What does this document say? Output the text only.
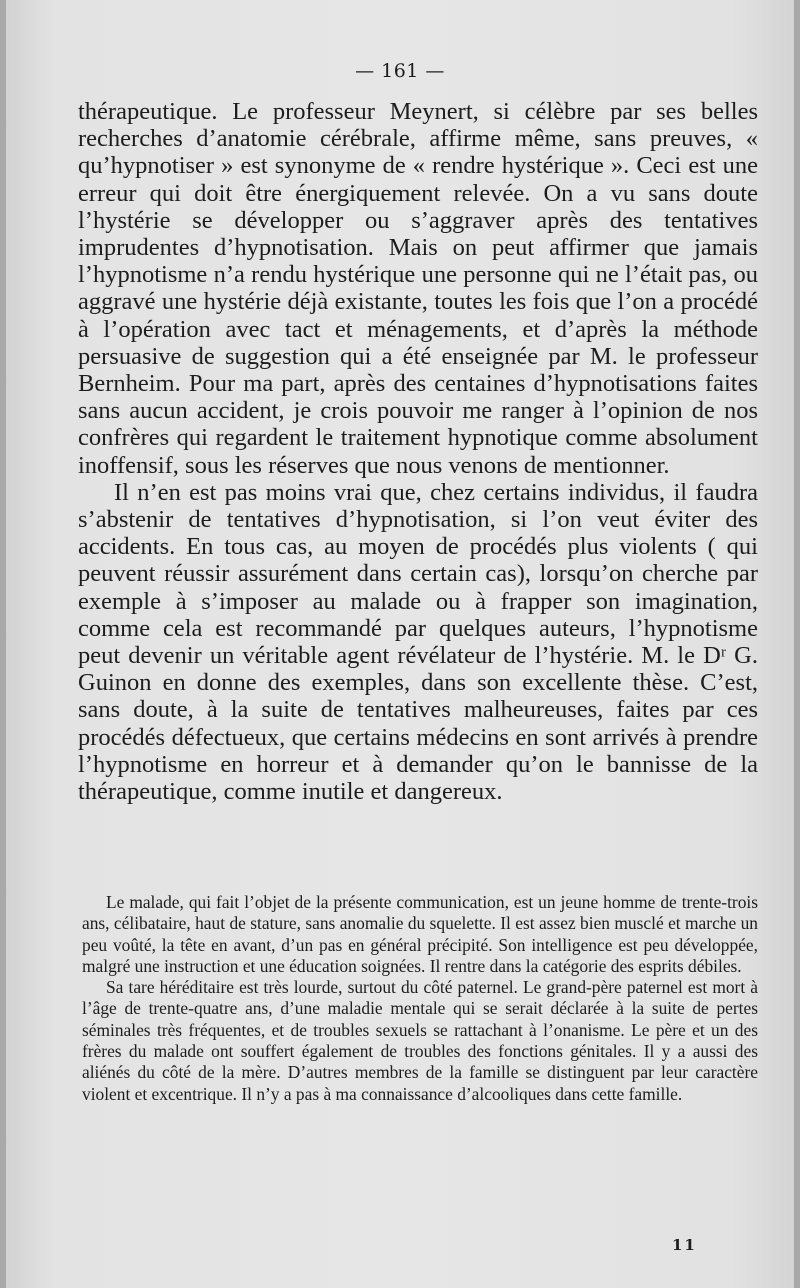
— 161 —

thérapeutique. Le professeur Meynert, si célèbre par ses belles recherches d’anatomie cérébrale, affirme même, sans preuves, « qu’hypnotiser » est synonyme de « rendre hystérique ». Ceci est une erreur qui doit être énergiquement relevée. On a vu sans doute l’hystérie se développer ou s’aggraver après des tentatives imprudentes d’hypnotisation. Mais on peut affirmer que jamais l’hypnotisme n’a rendu hystérique une personne qui ne l’était pas, ou aggravé une hystérie déjà existante, toutes les fois que l’on a procédé à l’opération avec tact et ménagements, et d’après la méthode persuasive de suggestion qui a été enseignée par M. le professeur Bernheim. Pour ma part, après des centaines d’hypnotisations faites sans aucun accident, je crois pouvoir me ranger à l’opinion de nos confrères qui regardent le traitement hypnotique comme absolument inoffensif, sous les réserves que nous venons de mentionner.

Il n’en est pas moins vrai que, chez certains individus, il faudra s’abstenir de tentatives d’hypnotisation, si l’on veut éviter des accidents. En tous cas, au moyen de procédés plus violents ( qui peuvent réussir assurément dans certain cas), lorsqu’on cherche par exemple à s’imposer au malade ou à frapper son imagination, comme cela est recommandé par quelques auteurs, l’hypnotisme peut devenir un véritable agent révélateur de l’hystérie. M. le Dʳ G. Guinon en donne des exemples, dans son excellente thèse. C’est, sans doute, à la suite de tentatives malheureuses, faites par ces procédés défectueux, que certains médecins en sont arrivés à prendre l’hypnotisme en horreur et à demander qu’on le bannisse de la thérapeutique, comme inutile et dangereux.

Le malade, qui fait l’objet de la présente communication, est un jeune homme de trente-trois ans, célibataire, haut de stature, sans anomalie du squelette. Il est assez bien musclé et marche un peu voûté, la tête en avant, d’un pas en général précipité. Son intelligence est peu développée, malgré une instruction et une éducation soignées. Il rentre dans la catégorie des esprits débiles.

Sa tare héréditaire est très lourde, surtout du côté paternel. Le grand-père paternel est mort à l’âge de trente-quatre ans, d’une maladie mentale qui se serait déclarée à la suite de pertes séminales très fréquentes, et de troubles sexuels se rattachant à l’onanisme. Le père et un des frères du malade ont souffert également de troubles des fonctions génitales. Il y a aussi des aliénés du côté de la mère. D’autres membres de la famille se distinguent par leur caractère violent et excentrique. Il n’y a pas à ma connaissance d’alcooliques dans cette famille.

11
